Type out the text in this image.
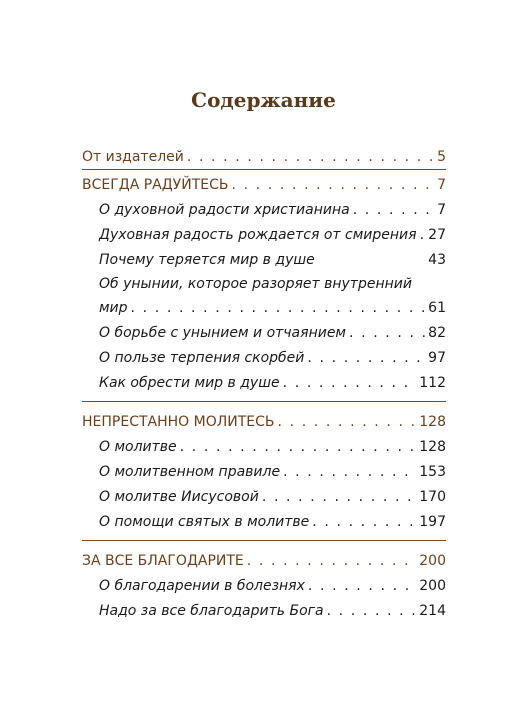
Содержание
От издателей . . .	5
ВСЕГДА РАДУЙТЕСЬ . . .	7
О духовной радости христианина . . .	7
Духовная радость рождается от смирения . 27
Почему теряется мир в душе	43
Об унынии, которое разоряет внутренний
мир . . .	61
О борьбе с унынием и отчаянием . . .	82
О пользе терпения скорбей . . .	97
Как обрести мир в душе . . .	112
НЕПРЕСТАННО МОЛИТЕСЬ . . .	128
О молитве . . .	128
О молитвенном правиле . . .	153
О молитве Иисусовой . . .	170
О помощи святых в молитве . . .	197
ЗА ВСЕ БЛАГОДАРИТЕ . . .	200
О благодарении в болезнях . . .	200
Надо за все благодарить Бога . . .	214
